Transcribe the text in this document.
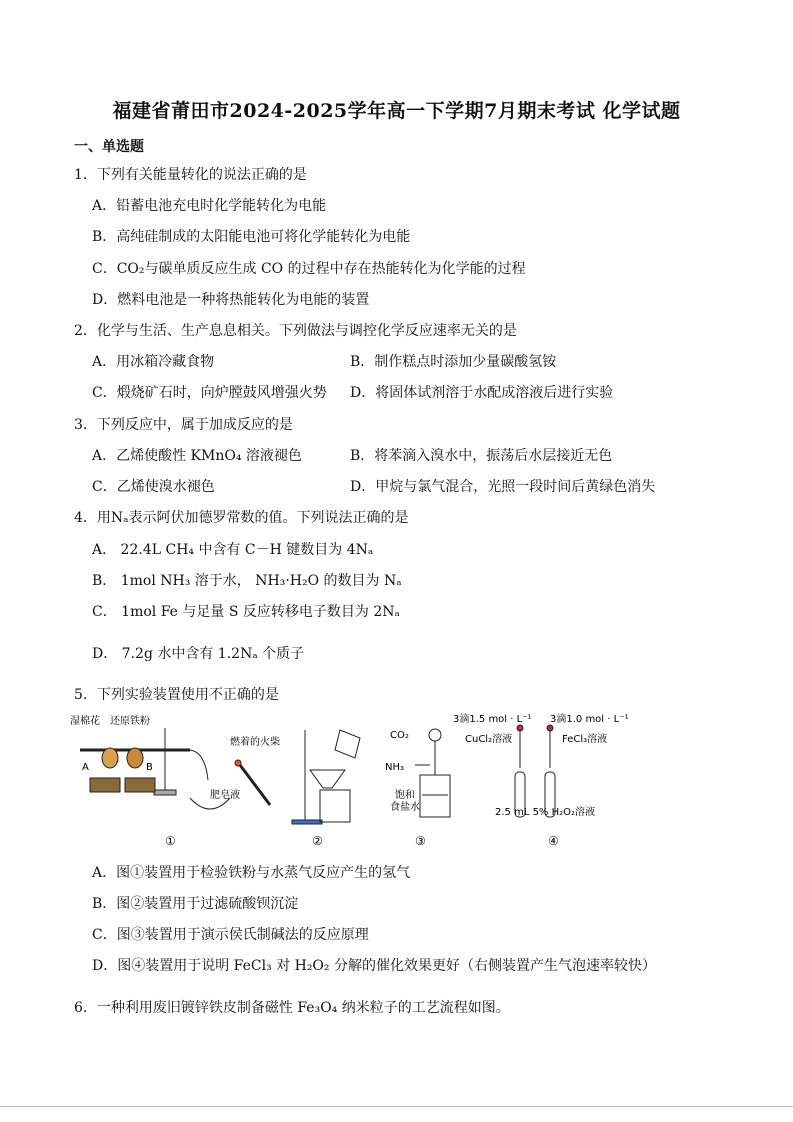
福建省莆田市2024-2025学年高一下学期7月期末考试 化学试题
一、单选题
1．下列有关能量转化的说法正确的是
A．铅蓄电池充电时化学能转化为电能
B．高纯硅制成的太阳能电池可将化学能转化为电能
C．CO₂与碳单质反应生成 CO 的过程中存在热能转化为化学能的过程
D．燃料电池是一种将热能转化为电能的装置
2．化学与生活、生产息息相关。下列做法与调控化学反应速率无关的是
A．用冰箱冷藏食物	B．制作糕点时添加少量碳酸氢铵
C．煅烧矿石时，向炉膛鼓风增强火势 D．将固体试剂溶于水配成溶液后进行实验
3．下列反应中，属于加成反应的是
A．乙烯使酸性 KMnO₄ 溶液褪色	B．将苯滴入溴水中，振荡后水层接近无色
C．乙烯使溴水褪色	D．甲烷与氯气混合，光照一段时间后黄绿色消失
4．用Nₐ表示阿伏加德罗常数的值。下列说法正确的是
A． 22.4L CH₄ 中含有 C－H 键数目为 4Nₐ
B． 1mol NH₃ 溶于水， NH₃·H₂O 的数目为 Nₐ
C． 1mol Fe 与足量 S 反应转移电子数目为 2Nₐ
D． 7.2g 水中含有 1.2Nₐ 个质子
5．下列实验装置使用不正确的是
湿棉花 还原铁粉
燃着的火柴
肥皂液
A	B
CO₂
NH₃
饱和
食盐水
3滴1.5 mol · L⁻¹
CuCl₂溶液
3滴1.0 mol · L⁻¹
FeCl₃溶液
2.5 mL 5% H₂O₂溶液
①	②	③	④
A．图①装置用于检验铁粉与水蒸气反应产生的氢气
B．图②装置用于过滤硫酸钡沉淀
C．图③装置用于演示侯氏制碱法的反应原理
D．图④装置用于说明 FeCl₃ 对 H₂O₂ 分解的催化效果更好（右侧装置产生气泡速率较快）
6．一种利用废旧镀锌铁皮制备磁性 Fe₃O₄ 纳米粒子的工艺流程如图。
